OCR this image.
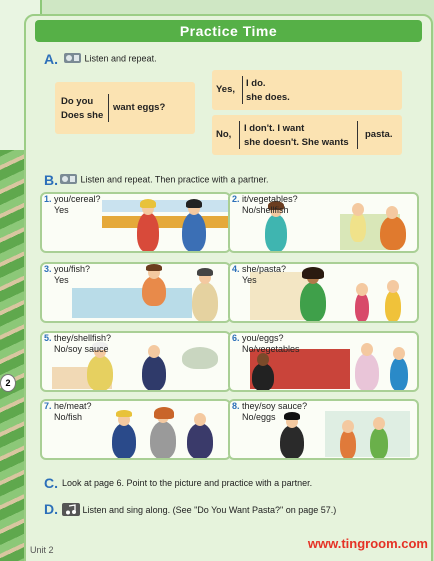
2
Practice Time
A.	Listen and repeat.
Do you
Does she
want eggs?
Yes,
I do.
she does.
No,
I don't. I want
she doesn't. She wants
pasta.
B.	Listen and repeat. Then practice with a partner.
1. you/cereal?
Yes
2. it/vegetables?
No/shellfish
3. you/fish?
Yes
4. she/pasta?
Yes
5. they/shellfish?
No/soy sauce
6. you/eggs?
No/vegetables
7. he/meat?
No/fish
8. they/soy sauce?
No/eggs
C. Look at page 6. Point to the picture and practice with a partner.
D.	Listen and sing along. (See "Do You Want Pasta?" on page 57.)
Unit 2	www.tingroom.com
